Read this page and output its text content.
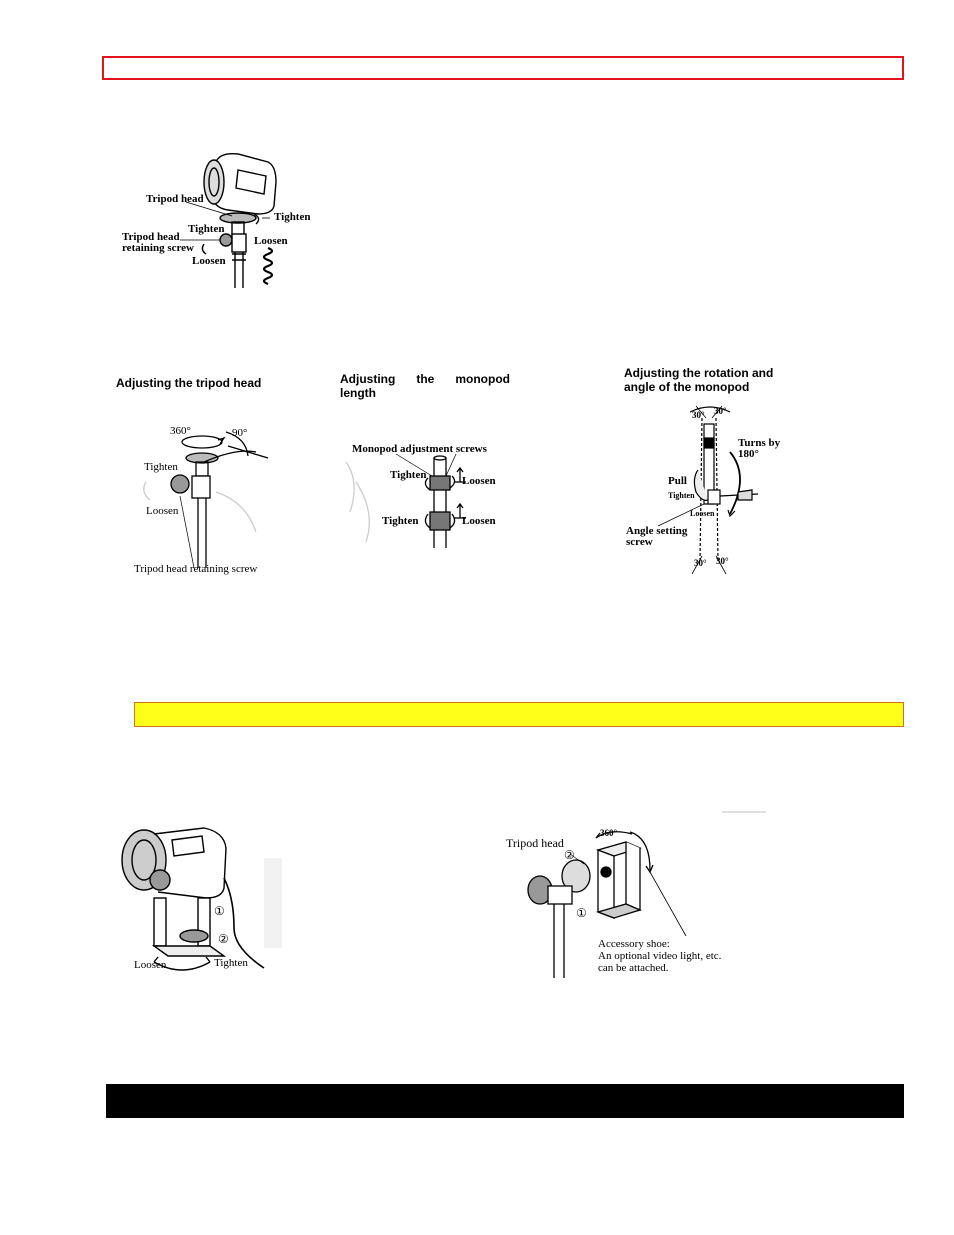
Tripod head
Tighten
Tighten
Loosen
Tripod head
retaining screw
Loosen
Adjusting the tripod head
360°	90°
Tighten
Loosen
Tripod head retaining screw
Adjusting the monopod
length

Monopod adjustment screws
Tighten	Loosen
Tighten	Loosen
Adjusting the rotation and
angle of the monopod
30° 30°
Turns by
180°
Pull
Tighten
Loosen
Angle setting
screw
30° 30°
①
②
Loosen	Tighten
Tripod head
②
360°
①
Accessory shoe:
An optional video light, etc.
can be attached.
